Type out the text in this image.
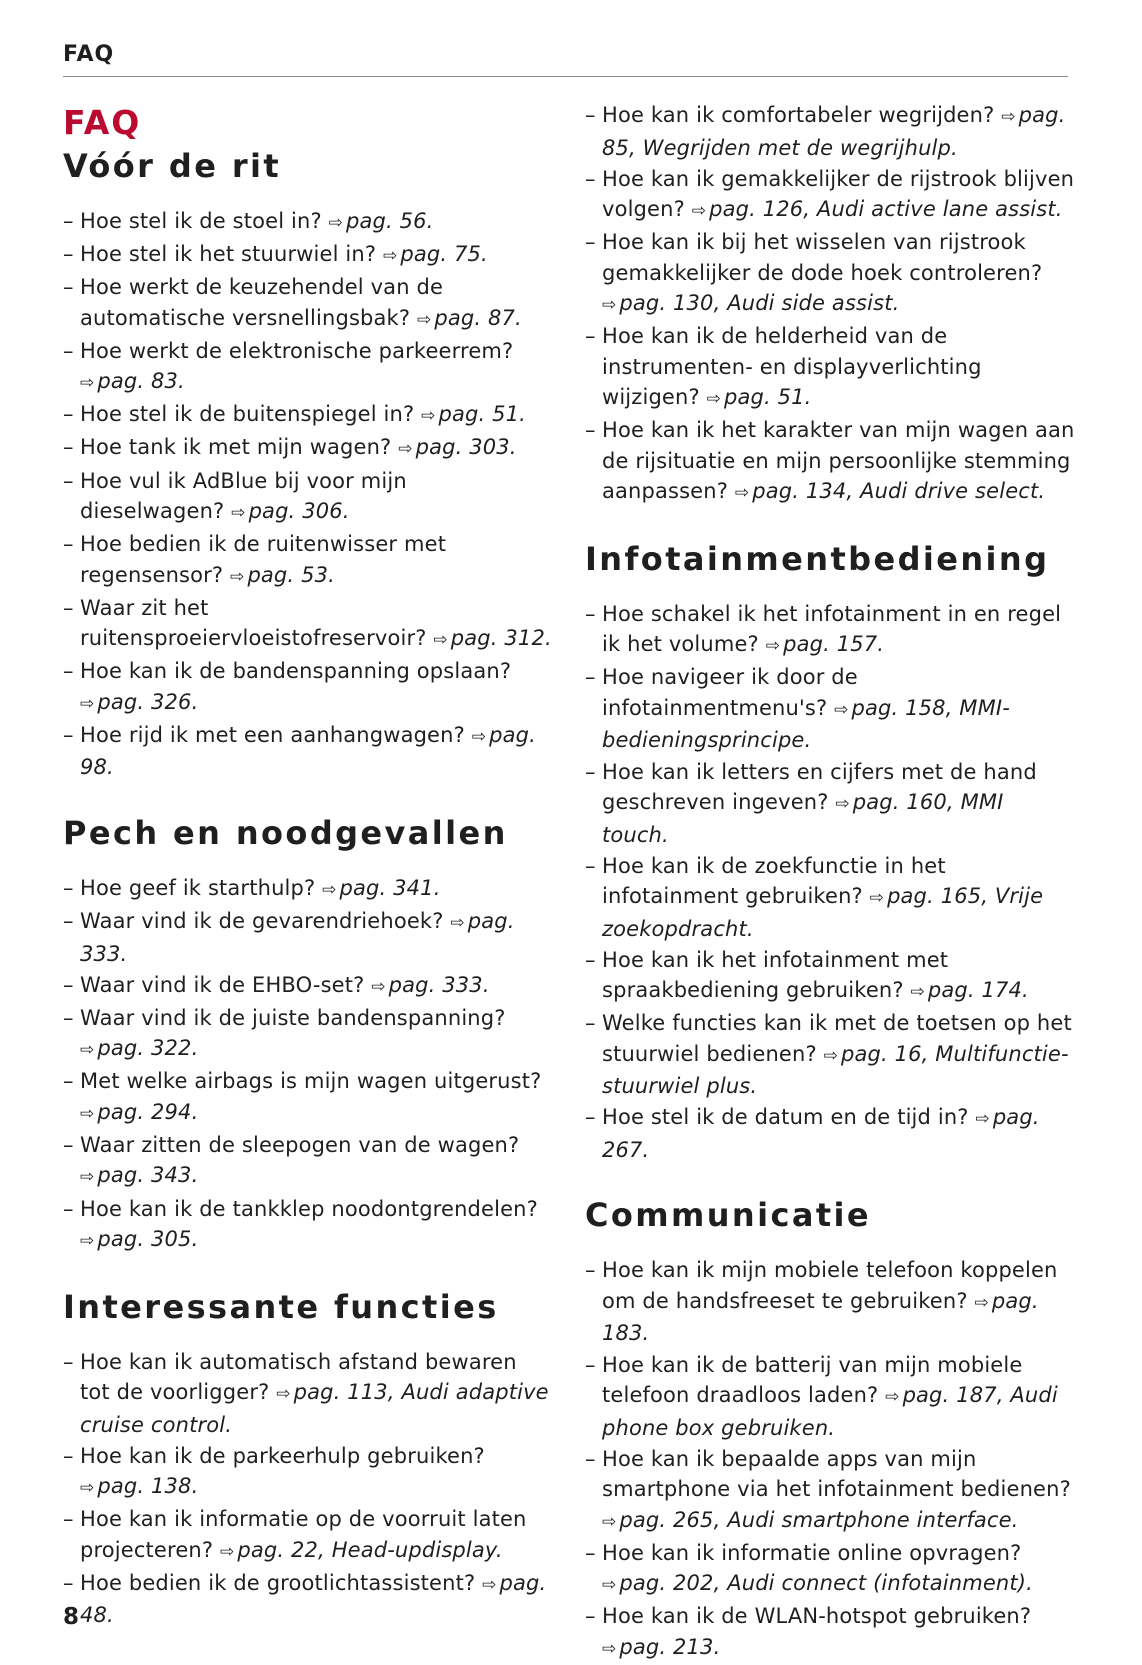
FAQ
FAQ
Vóór de rit
– Hoe stel ik de stoel in? ⇨ pag. 56.
– Hoe stel ik het stuurwiel in? ⇨ pag. 75.
– Hoe werkt de keuzehendel van de automatische versnellingsbak? ⇨ pag. 87.
– Hoe werkt de elektronische parkeerrem? ⇨ pag. 83.
– Hoe stel ik de buitenspiegel in? ⇨ pag. 51.
– Hoe tank ik met mijn wagen? ⇨ pag. 303.
– Hoe vul ik AdBlue bij voor mijn dieselwagen? ⇨ pag. 306.
– Hoe bedien ik de ruitenwisser met regensensor? ⇨ pag. 53.
– Waar zit het ruitensproeiervloeistofreservoir? ⇨ pag. 312.
– Hoe kan ik de bandenspanning opslaan? ⇨ pag. 326.
– Hoe rijd ik met een aanhangwagen? ⇨ pag. 98.
Pech en noodgevallen
– Hoe geef ik starthulp? ⇨ pag. 341.
– Waar vind ik de gevarendriehoek? ⇨ pag. 333.
– Waar vind ik de EHBO-set? ⇨ pag. 333.
– Waar vind ik de juiste bandenspanning? ⇨ pag. 322.
– Met welke airbags is mijn wagen uitgerust? ⇨ pag. 294.
– Waar zitten de sleepogen van de wagen? ⇨ pag. 343.
– Hoe kan ik de tankklep noodontgrendelen? ⇨ pag. 305.
Interessante functies
– Hoe kan ik automatisch afstand bewaren tot de voorligger? ⇨ pag. 113, Audi adaptive cruise control.
– Hoe kan ik de parkeerhulp gebruiken? ⇨ pag. 138.
– Hoe kan ik informatie op de voorruit laten projecteren? ⇨ pag. 22, Head-updisplay.
– Hoe bedien ik de grootlichtassistent? ⇨ pag. 48.
– Hoe kan ik comfortabeler wegrijden? ⇨ pag. 85, Wegrijden met de wegrijhulp.
– Hoe kan ik gemakkelijker de rijstrook blijven volgen? ⇨ pag. 126, Audi active lane assist.
– Hoe kan ik bij het wisselen van rijstrook gemakkelijker de dode hoek controleren? ⇨ pag. 130, Audi side assist.
– Hoe kan ik de helderheid van de instrumenten- en displayverlichting wijzigen? ⇨ pag. 51.
– Hoe kan ik het karakter van mijn wagen aan de rijsituatie en mijn persoonlijke stemming aanpassen? ⇨ pag. 134, Audi drive select.
Infotainmentbediening
– Hoe schakel ik het infotainment in en regel ik het volume? ⇨ pag. 157.
– Hoe navigeer ik door de infotainmentmenu's? ⇨ pag. 158, MMI-bedieningsprincipe.
– Hoe kan ik letters en cijfers met de hand geschreven ingeven? ⇨ pag. 160, MMI touch.
– Hoe kan ik de zoekfunctie in het infotainment gebruiken? ⇨ pag. 165, Vrije zoekopdracht.
– Hoe kan ik het infotainment met spraakbediening gebruiken? ⇨ pag. 174.
– Welke functies kan ik met de toetsen op het stuurwiel bedienen? ⇨ pag. 16, Multifunctie-stuurwiel plus.
– Hoe stel ik de datum en de tijd in? ⇨ pag. 267.
Communicatie
– Hoe kan ik mijn mobiele telefoon koppelen om de handsfreeset te gebruiken? ⇨ pag. 183.
– Hoe kan ik de batterij van mijn mobiele telefoon draadloos laden? ⇨ pag. 187, Audi phone box gebruiken.
– Hoe kan ik bepaalde apps van mijn smartphone via het infotainment bedienen? ⇨ pag. 265, Audi smartphone interface.
– Hoe kan ik informatie online opvragen? ⇨ pag. 202, Audi connect (infotainment).
– Hoe kan ik de WLAN-hotspot gebruiken? ⇨ pag. 213.
8
